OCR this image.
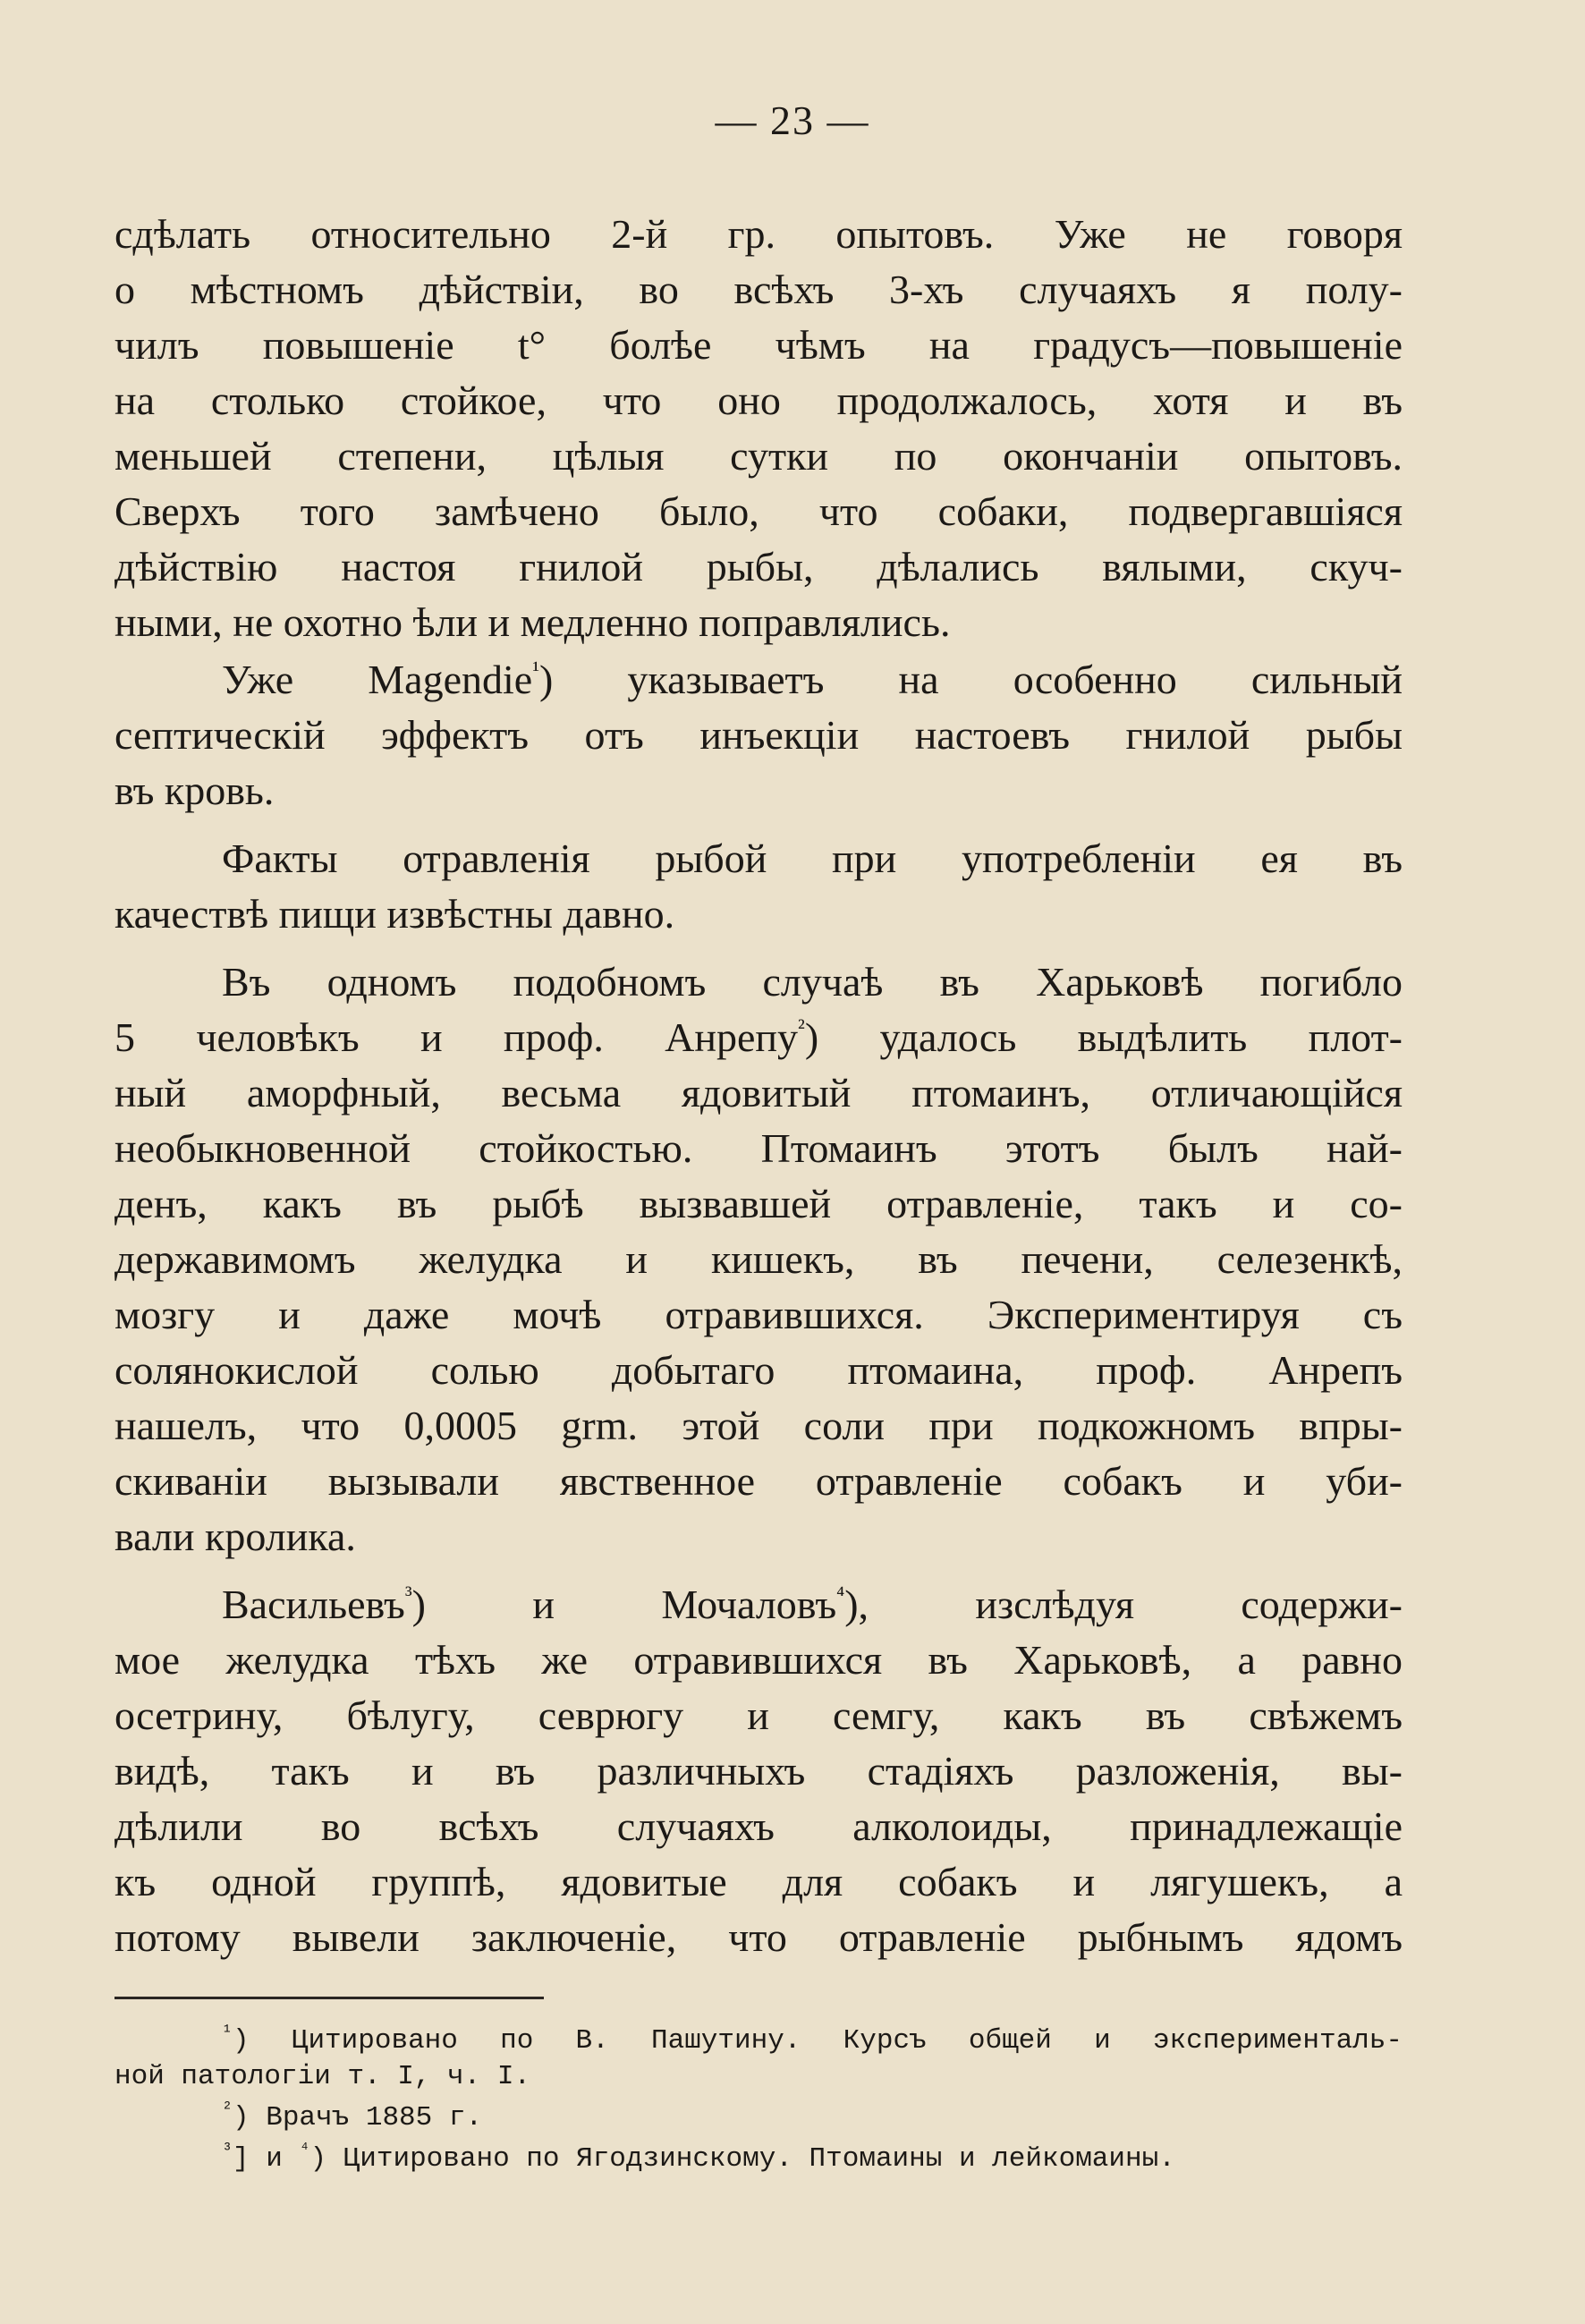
— 23 —
сдѣлать относительно 2-й гр. опытовъ. Уже не говоря
о мѣстномъ дѣйствіи, во всѣхъ 3-хъ случаяхъ я полу-
чилъ повышеніе t° болѣе чѣмъ на градусъ—повышеніе
на столько стойкое, что оно продолжалось, хотя и въ
меньшей степени, цѣлыя сутки по окончаніи опытовъ.
Сверхъ того замѣчено было, что собаки, подвергавшіяся
дѣйствію настоя гнилой рыбы, дѣлались вялыми, скуч-
ными, не охотно ѣли и медленно поправлялись.
Уже Magendie$^{^1}$) указываетъ на особенно сильный
септическій эффектъ отъ инъекціи настоевъ гнилой рыбы
въ кровь.
Факты отравленія рыбой при употребленіи ея въ
качествѣ пищи извѣстны давно.
Въ одномъ подобномъ случаѣ въ Харьковѣ погибло
5 человѣкъ и проф. Анрепу$^{^2}$) удалось выдѣлить плот-
ный аморфный, весьма ядовитый птомаинъ, отличающійся
необыкновенной стойкостью. Птомаинъ этотъ былъ най-
денъ, какъ въ рыбѣ вызвавшей отравленіе, такъ и со-
державимомъ желудка и кишекъ, въ печени, селезенкѣ,
мозгу и даже мочѣ отравившихся. Экспериментируя съ
солянокислой солью добытаго птомаина, проф. Анрепъ
нашелъ, что 0,0005 grm. этой соли при подкожномъ впры-
скиваніи вызывали явственное отравленіе собакъ и уби-
вали кролика.
Васильевъ$^{^3}$) и Мочаловъ$^{^4}$), изслѣдуя содержи-
мое желудка тѣхъ же отравившихся въ Харьковѣ, а равно
осетрину, бѣлугу, севрюгу и семгу, какъ въ свѣжемъ
видѣ, такъ и въ различныхъ стадіяхъ разложенія, вы-
дѣлили во всѣхъ случаяхъ алколоиды, принадлежащіе
къ одной группѣ, ядовитые для собакъ и лягушекъ, а
потому вывели заключеніе, что отравленіе рыбнымъ ядомъ
$^{^1}$) Цитировано по В. Пашутину. Курсъ общей и эксперименталь-
ной патологіи т. I, ч. I.
$^{^2}$) Врачъ 1885 г.
$^{^3}$] и $^{^4}$) Цитировано по Ягодзинскому. Птомаины и лейкомаины.
